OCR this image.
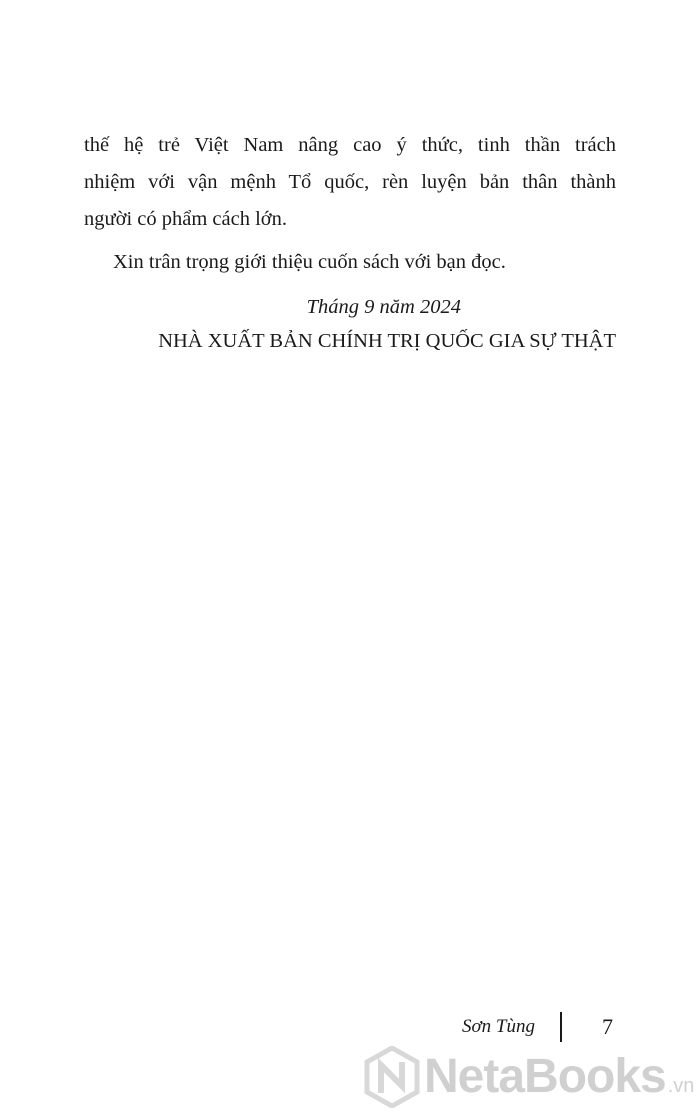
thế hệ trẻ Việt Nam nâng cao ý thức, tinh thần trách
nhiệm với vận mệnh Tổ quốc, rèn luyện bản thân thành
người có phẩm cách lớn.
Xin trân trọng giới thiệu cuốn sách với bạn đọc.
Tháng 9 năm 2024
NHÀ XUẤT BẢN CHÍNH TRỊ QUỐC GIA SỰ THẬT
Sơn Tùng	7
NetaBooks .vn
